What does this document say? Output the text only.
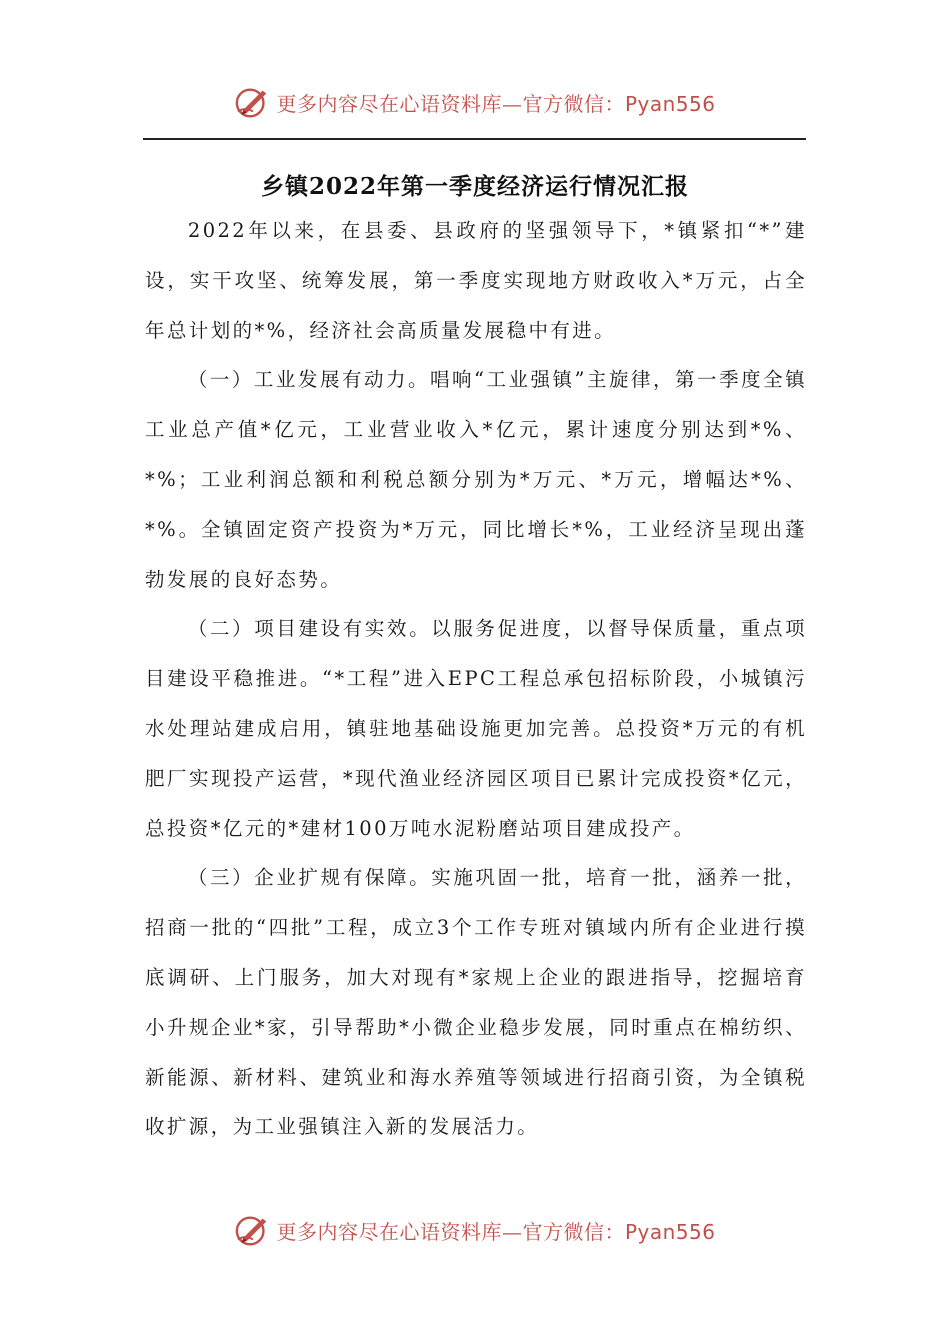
更多内容尽在心语资料库—官方微信：Pyan556
乡镇2022年第一季度经济运行情况汇报

2022年以来，在县委、县政府的坚强领导下，*镇紧扣“*”建设，实干攻坚、统筹发展，第一季度实现地方财政收入*万元，占全年总计划的*%，经济社会高质量发展稳中有进。

（一）工业发展有动力。唱响“工业强镇”主旋律，第一季度全镇工业总产值*亿元，工业营业收入*亿元，累计速度分别达到*%、*%；工业利润总额和利税总额分别为*万元、*万元，增幅达*%、*%。全镇固定资产投资为*万元，同比增长*%，工业经济呈现出蓬勃发展的良好态势。

（二）项目建设有实效。以服务促进度，以督导保质量，重点项目建设平稳推进。“*工程”进入EPC工程总承包招标阶段，小城镇污水处理站建成启用，镇驻地基础设施更加完善。总投资*万元的有机肥厂实现投产运营，*现代渔业经济园区项目已累计完成投资*亿元，总投资*亿元的*建材100万吨水泥粉磨站项目建成投产。

（三）企业扩规有保障。实施巩固一批，培育一批，涵养一批，招商一批的“四批”工程，成立3个工作专班对镇域内所有企业进行摸底调研、上门服务，加大对现有*家规上企业的跟进指导，挖掘培育小升规企业*家，引导帮助*小微企业稳步发展，同时重点在棉纺织、新能源、新材料、建筑业和海水养殖等领域进行招商引资，为全镇税收扩源，为工业强镇注入新的发展活力。

更多内容尽在心语资料库—官方微信：Pyan556
